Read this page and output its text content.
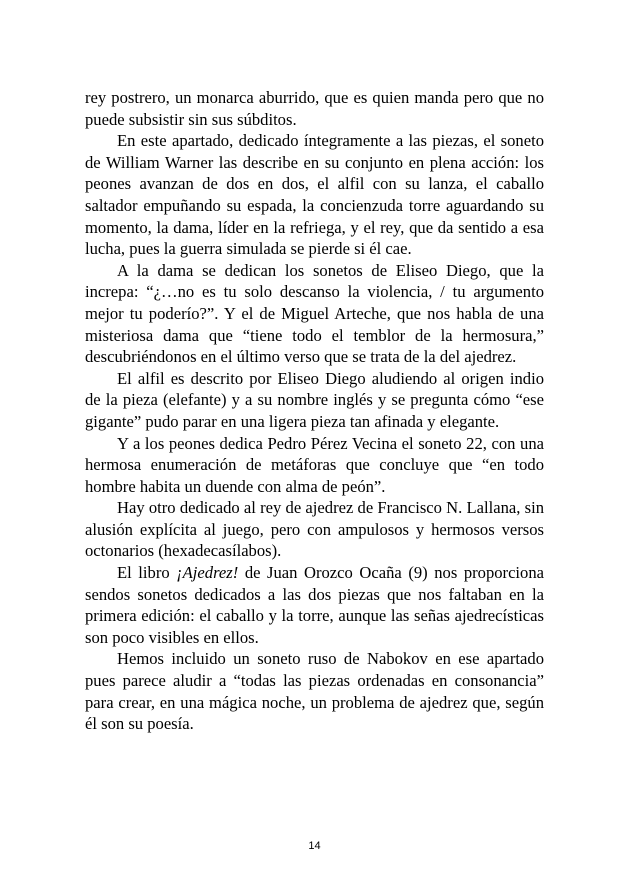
rey postrero, un monarca aburrido, que es quien manda pero que no puede subsistir sin sus súbditos.

En este apartado, dedicado íntegramente a las piezas, el soneto de William Warner las describe en su conjunto en plena acción: los peones avanzan de dos en dos, el alfil con su lanza, el caballo saltador empuñando su espada, la concienzuda torre aguardando su momento, la dama, líder en la refriega, y el rey, que da sentido a esa lucha, pues la guerra simulada se pierde si él cae.

A la dama se dedican los sonetos de Eliseo Diego, que la increpa: “¿…no es tu solo descanso la violencia, / tu argumento mejor tu poderío?”. Y el de Miguel Arteche, que nos habla de una misteriosa dama que “tiene todo el temblor de la hermosura,” descubriéndonos en el último verso que se trata de la del ajedrez.

El alfil es descrito por Eliseo Diego aludiendo al origen indio de la pieza (elefante) y a su nombre inglés y se pregunta cómo “ese gigante” pudo parar en una ligera pieza tan afinada y elegante.

Y a los peones dedica Pedro Pérez Vecina el soneto 22, con una hermosa enumeración de metáforas que concluye que “en todo hombre habita un duende con alma de peón”.

Hay otro dedicado al rey de ajedrez de Francisco N. Lallana, sin alusión explícita al juego, pero con ampulosos y hermosos versos octonarios (hexadecasílabos).

El libro ¡Ajedrez! de Juan Orozco Ocaña (9) nos proporciona sendos sonetos dedicados a las dos piezas que nos faltaban en la primera edición: el caballo y la torre, aunque las señas ajedrecísticas son poco visibles en ellos.

Hemos incluido un soneto ruso de Nabokov en ese apartado pues parece aludir a “todas las piezas ordenadas en consonancia” para crear, en una mágica noche, un problema de ajedrez que, según él son su poesía.

14
